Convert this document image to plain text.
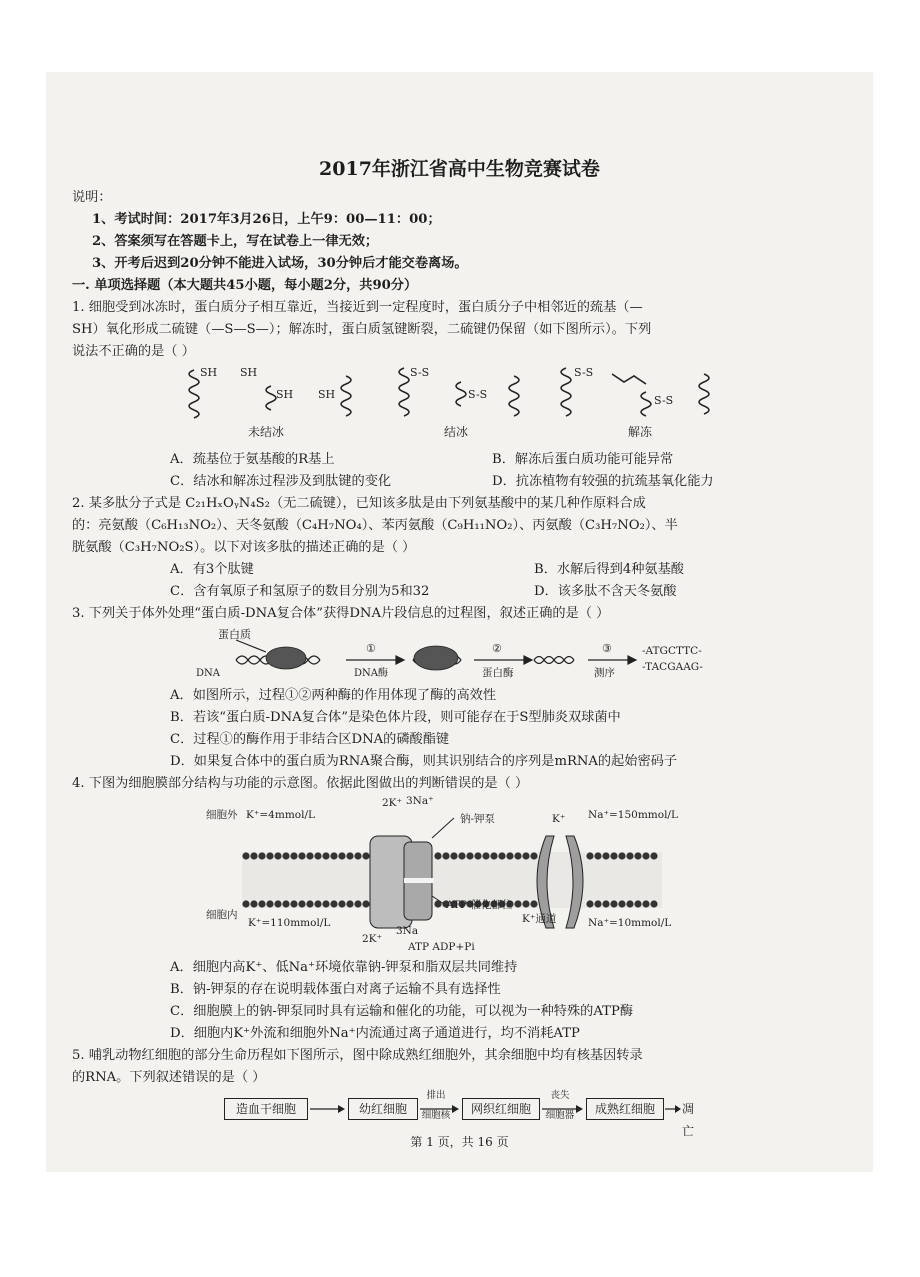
2017年浙江省高中生物竞赛试卷
说明：
1、考试时间：2017年3月26日，上午9：00—11：00；
2、答案须写在答题卡上，写在试卷上一律无效；
3、开考后迟到20分钟不能进入试场，30分钟后才能交卷离场。
一. 单项选择题（本大题共45小题，每小题2分，共90分）
1. 细胞受到冰冻时，蛋白质分子相互靠近，当接近到一定程度时，蛋白质分子中相邻近的巯基（—
SH）氧化形成二硫键（—S—S—）；解冻时，蛋白质氢键断裂，二硫键仍保留（如下图所示）。下列
说法不正确的是（ ）
SH SH
SH SH
S-S
S-S
S-S
S-S
未结冰	结冰	解冻
A．巯基位于氨基酸的R基上	B．解冻后蛋白质功能可能异常
C．结冰和解冻过程涉及到肽键的变化	D．抗冻植物有较强的抗巯基氧化能力
2. 某多肽分子式是 C₂₁HₓOᵧN₄S₂（无二硫键），已知该多肽是由下列氨基酸中的某几种作原料合成
的：亮氨酸（C₆H₁₃NO₂）、天冬氨酸（C₄H₇NO₄）、苯丙氨酸（C₉H₁₁NO₂）、丙氨酸（C₃H₇NO₂）、半
胱氨酸（C₃H₇NO₂S）。以下对该多肽的描述正确的是（ ）
A．有3个肽键	B．水解后得到4种氨基酸
C．含有氧原子和氢原子的数目分别为5和32	D．该多肽不含天冬氨酸
3. 下列关于体外处理“蛋白质-DNA复合体”获得DNA片段信息的过程图，叙述正确的是（ ）
蛋白质
DNA
①
DNA酶
②
蛋白酶
③
测序
-ATGCTTC-
-TACGAAG-
A．如图所示，过程①②两种酶的作用体现了酶的高效性
B．若该“蛋白质-DNA复合体”是染色体片段，则可能存在于S型肺炎双球菌中
C．过程①的酶作用于非结合区DNA的磷酸酯键
D．如果复合体中的蛋白质为RNA聚合酶，则其识别结合的序列是mRNA的起始密码子
4. 下图为细胞膜部分结构与功能的示意图。依据此图做出的判断错误的是（ ）
细胞外 K⁺=4mmol/L
细胞内
K⁺=110mmol/L
Na⁺=150mmol/L
Na⁺=10mmol/L
钠-钾泵
ATP 催化部位
K⁺通道
2K⁺ 3Na⁺
K⁺
2K⁺
3Na
ATP ADP+Pi
A．细胞内高K⁺、低Na⁺环境依靠钠-钾泵和脂双层共同维持
B．钠-钾泵的存在说明载体蛋白对离子运输不具有选择性
C．细胞膜上的钠-钾泵同时具有运输和催化的功能，可以视为一种特殊的ATP酶
D．细胞内K⁺外流和细胞外Na⁺内流通过离子通道进行，均不消耗ATP
5. 哺乳动物红细胞的部分生命历程如下图所示，图中除成熟红细胞外，其余细胞中均有核基因转录
的RNA。下列叙述错误的是（ ）
造血干细胞	幼红细胞
排出
细胞核	网织红细胞
丧失
细胞器	成熟红细胞	凋亡
第 1 页，共 16 页
